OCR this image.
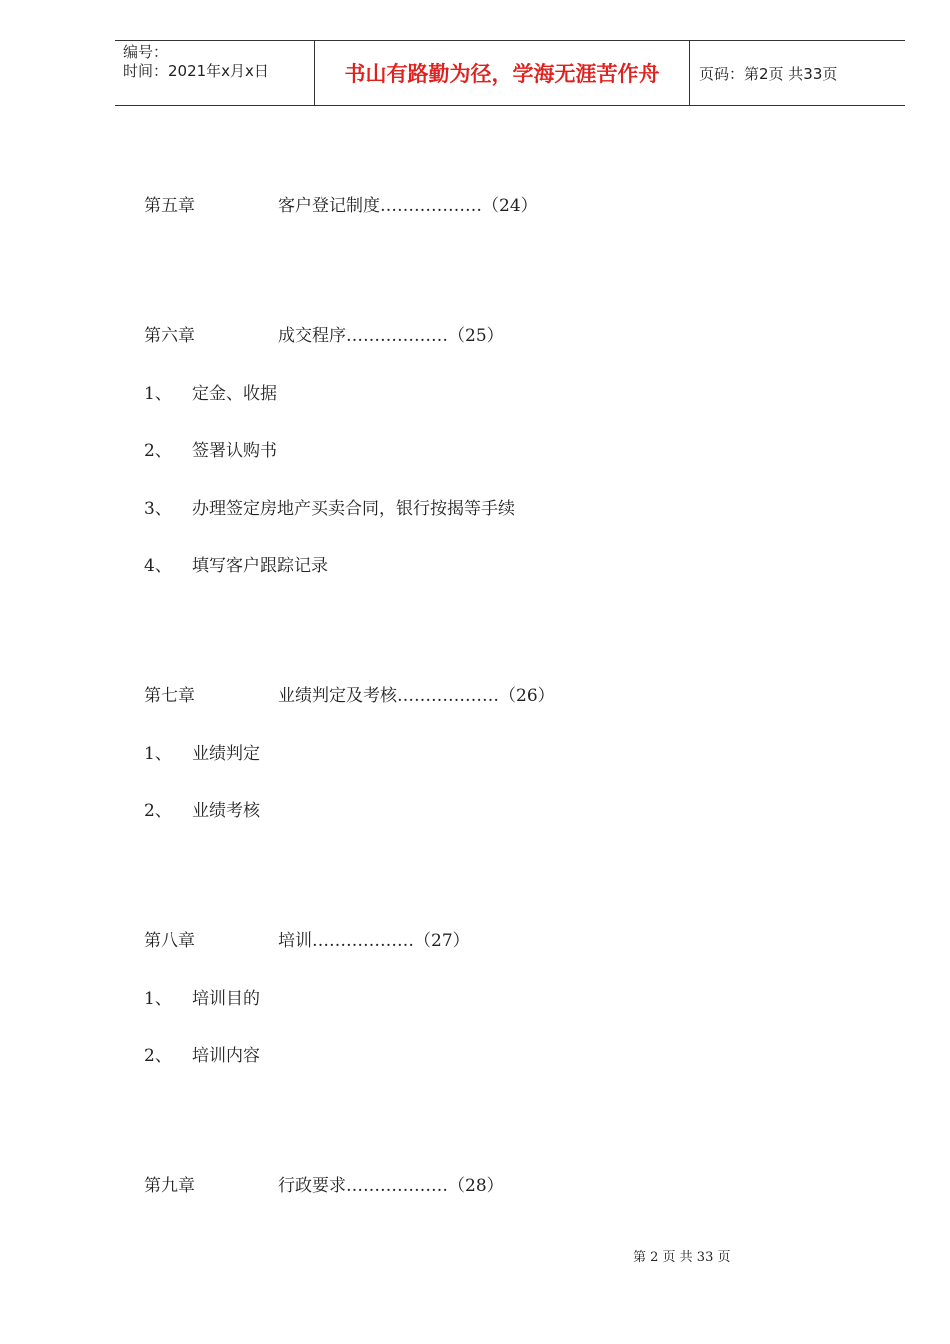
编号：
时间：2021年x月x日	书山有路勤为径，学海无涯苦作舟	页码：第2页 共33页
第五章	客户登记制度………………（24）
第六章	成交程序………………（25）
1、 定金、收据
2、 签署认购书
3、 办理签定房地产买卖合同，银行按揭等手续
4、 填写客户跟踪记录
第七章	业绩判定及考核………………（26）
1、 业绩判定
2、 业绩考核
第八章	培训………………（27）
1、 培训目的
2、 培训内容
第九章	行政要求………………（28）
第 2 页 共 33 页
